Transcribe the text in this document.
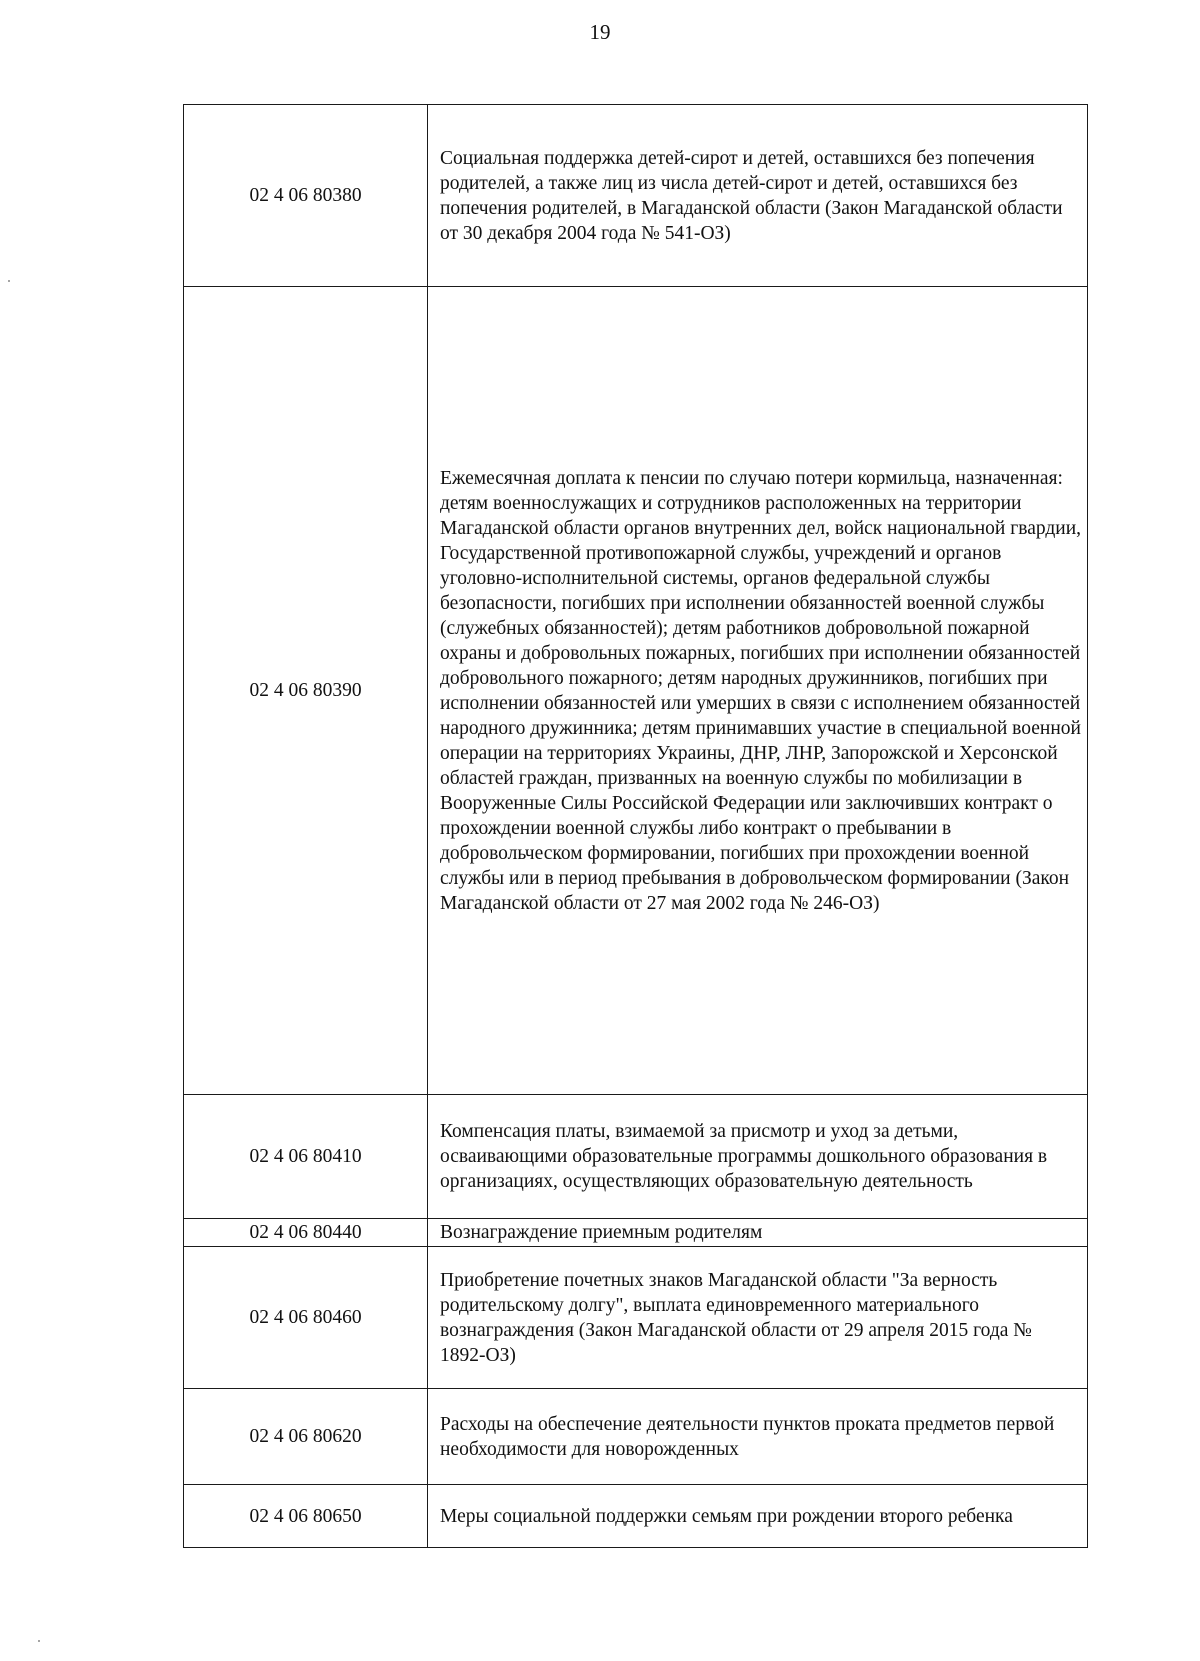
19
02 4 06 80380	Социальная поддержка детей-сирот и детей, оставшихся без попечения родителей, а также лиц из числа детей-сирот и детей, оставшихся без попечения родителей, в Магаданской области (Закон Магаданской области от 30 декабря 2004 года № 541-ОЗ)

02 4 06 80390	Ежемесячная доплата к пенсии по случаю потери кормильца, назначенная: детям военнослужащих и сотрудников расположенных на территории Магаданской области органов внутренних дел, войск национальной гвардии, Государственной противопожарной службы, учреждений и органов уголовно-исполнительной системы, органов федеральной службы безопасности, погибших при исполнении обязанностей военной службы (служебных обязанностей); детям работников добровольной пожарной охраны и добровольных пожарных, погибших при исполнении обязанностей добровольного пожарного; детям народных дружинников, погибших при исполнении обязанностей или умерших в связи с исполнением обязанностей народного дружинника; детям принимавших участие в специальной военной операции на территориях Украины, ДНР, ЛНР, Запорожской и Херсонской областей граждан, призванных на военную службы по мобилизации в Вооруженные Силы Российской Федерации или заключивших контракт о прохождении военной службы либо контракт о пребывании в добровольческом формировании, погибших при прохождении военной службы или в период пребывания в добровольческом формировании (Закон Магаданской области от 27 мая 2002 года № 246-ОЗ)

02 4 06 80410	Компенсация платы, взимаемой за присмотр и уход за детьми, осваивающими образовательные программы дошкольного образования в организациях, осуществляющих образовательную деятельность

02 4 06 80440	Вознаграждение приемным родителям

02 4 06 80460	Приобретение почетных знаков Магаданской области "За верность родительскому долгу", выплата единовременного материального вознаграждения (Закон Магаданской области от 29 апреля 2015 года № 1892-ОЗ)

02 4 06 80620	Расходы на обеспечение деятельности пунктов проката предметов первой необходимости для новорожденных

02 4 06 80650	Меры социальной поддержки семьям при рождении второго ребенка
